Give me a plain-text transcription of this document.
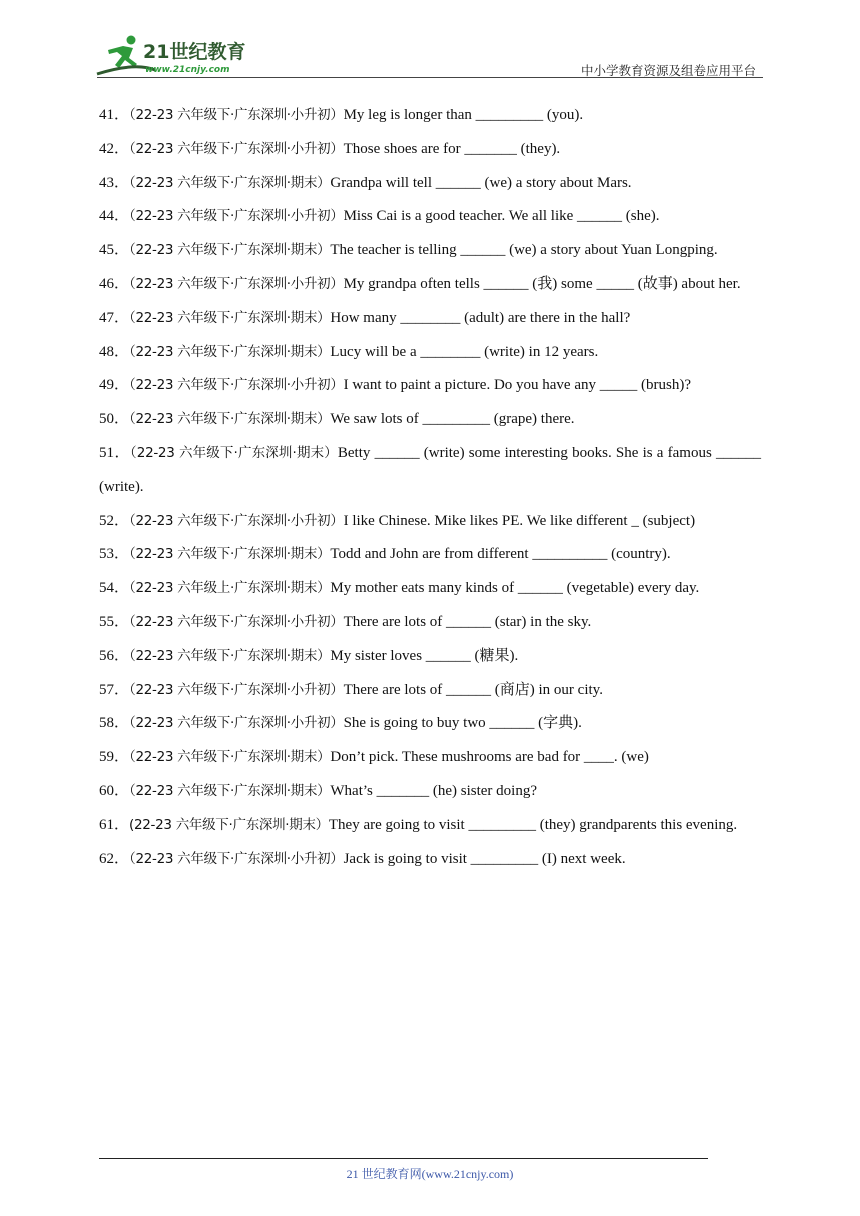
21世纪教育
www.21cnjy.com	中小学教育资源及组卷应用平台
41．（22-23 六年级下·广东深圳·小升初）My leg is longer than _________ (you).
42．（22-23 六年级下·广东深圳·小升初）Those shoes are for _______ (they).
43．（22-23 六年级下·广东深圳·期末）Grandpa will tell ______ (we) a story about Mars.
44．（22-23 六年级下·广东深圳·小升初）Miss Cai is a good teacher. We all like ______ (she).
45．（22-23 六年级下·广东深圳·期末）The teacher is telling ______ (we) a story about Yuan Longping.
46．（22-23 六年级下·广东深圳·小升初）My grandpa often tells ______ (我) some _____ (故事) about her.
47．（22-23 六年级下·广东深圳·期末）How many ________ (adult) are there in the hall?
48．（22-23 六年级下·广东深圳·期末）Lucy will be a ________ (write) in 12 years.
49．（22-23 六年级下·广东深圳·小升初）I want to paint a picture. Do you have any _____ (brush)?
50．（22-23 六年级下·广东深圳·期末）We saw lots of _________ (grape) there.
51．（22-23 六年级下·广东深圳·期末）Betty ______ (write) some interesting books. She is a famous ______ (write).
52．（22-23 六年级下·广东深圳·小升初）I like Chinese. Mike likes PE. We like different _ (subject)
53．（22-23 六年级下·广东深圳·期末）Todd and John are from different __________ (country).
54．（22-23 六年级上·广东深圳·期末）My mother eats many kinds of ______ (vegetable) every day.
55．（22-23 六年级下·广东深圳·小升初）There are lots of ______ (star) in the sky.
56．（22-23 六年级下·广东深圳·期末）My sister loves ______ (糖果).
57．（22-23 六年级下·广东深圳·小升初）There are lots of ______ (商店) in our city.
58．（22-23 六年级下·广东深圳·小升初）She is going to buy two ______ (字典).
59．（22-23 六年级下·广东深圳·期末）Don’t pick. These mushrooms are bad for ____. (we)
60．（22-23 六年级下·广东深圳·期末）What’s _______ (he) sister doing?
61．(22-23 六年级下·广东深圳·期末）They are going to visit _________ (they) grandparents this evening.
62．（22-23 六年级下·广东深圳·小升初）Jack is going to visit _________ (I) next week.
21 世纪教育网(www.21cnjy.com)
